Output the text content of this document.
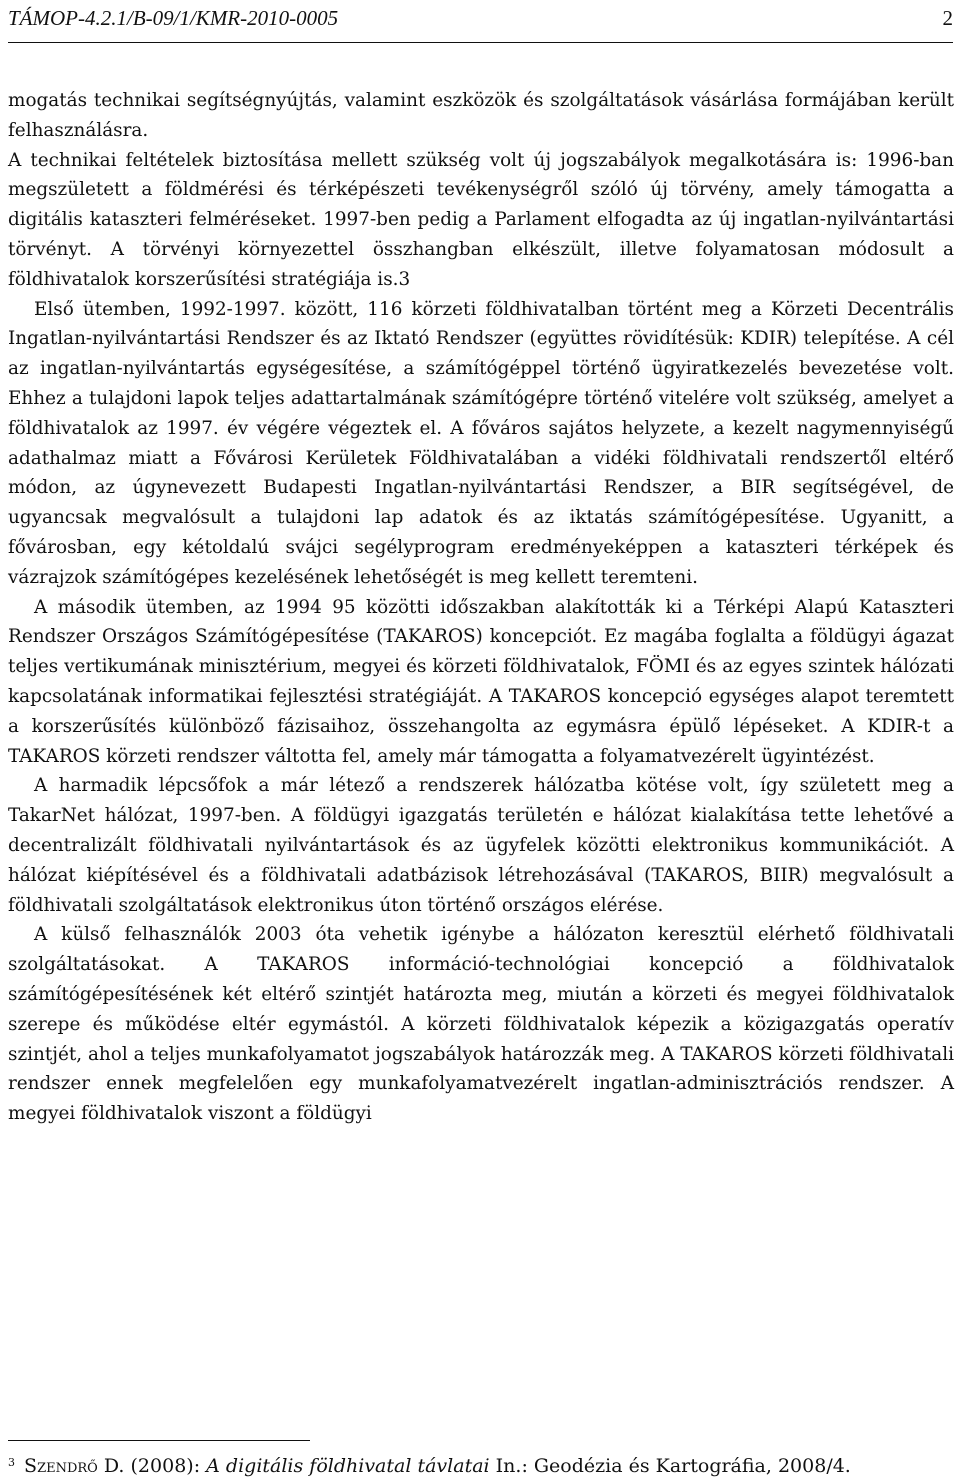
TÁMOP-4.2.1/B-09/1/KMR-2010-0005	2

mogatás technikai segítségnyújtás, valamint eszközök és szolgáltatások vásárlása formájában került felhasználásra.

A technikai feltételek biztosítása mellett szükség volt új jogszabályok megalkotására is: 1996-ban megszületett a földmérési és térképészeti tevékenységről szóló új törvény, amely támogatta a digitális kataszteri felméréseket. 1997-ben pedig a Parlament elfogadta az új ingatlan-nyilvántartási törvényt. A törvényi környezettel összhangban elkészült, illetve folyamatosan módosult a földhivatalok korszerűsítési stratégiája is.3

Első ütemben, 1992-1997. között, 116 körzeti földhivatalban történt meg a Körzeti Decentrális Ingatlan-nyilvántartási Rendszer és az Iktató Rendszer (együttes rövidítésük: KDIR) telepítése. A cél az ingatlan-nyilvántartás egységesítése, a számítógéppel történő ügyiratkezelés bevezetése volt. Ehhez a tulajdoni lapok teljes adattartalmának számítógépre történő vitelére volt szükség, amelyet a földhivatalok az 1997. év végére végeztek el. A főváros sajátos helyzete, a kezelt nagymennyiségű adathalmaz miatt a Fővárosi Kerületek Földhivatalában a vidéki földhivatali rendszertől eltérő módon, az úgynevezett Budapesti Ingatlan-nyilvántartási Rendszer, a BIR segítségével, de ugyancsak megvalósult a tulajdoni lap adatok és az iktatás számítógépesítése. Ugyanitt, a fővárosban, egy kétoldalú svájci segélyprogram eredményeképpen a kataszteri térképek és vázrajzok számítógépes kezelésének lehetőségét is meg kellett teremteni.

A második ütemben, az 1994 95 közötti időszakban alakították ki a Térképi Alapú Kataszteri Rendszer Országos Számítógépesítése (TAKAROS) koncepciót. Ez magába foglalta a földügyi ágazat teljes vertikumának minisztérium, megyei és körzeti földhivatalok, FÖMI és az egyes szintek hálózati kapcsolatának informatikai fejlesztési stratégiáját. A TAKAROS koncepció egységes alapot teremtett a korszerűsítés különböző fázisaihoz, összehangolta az egymásra épülő lépéseket. A KDIR-t a TAKAROS körzeti rendszer váltotta fel, amely már támogatta a folyamatvezérelt ügyintézést.

A harmadik lépcsőfok a már létező a rendszerek hálózatba kötése volt, így született meg a TakarNet hálózat, 1997-ben. A földügyi igazgatás területén e hálózat kialakítása tette lehetővé a decentralizált földhivatali nyilvántartások és az ügyfelek közötti elektronikus kommunikációt. A hálózat kiépítésével és a földhivatali adatbázisok létrehozásával (TAKAROS, BIIR) megvalósult a földhivatali szolgáltatások elektronikus úton történő országos elérése.

A külső felhasználók 2003 óta vehetik igénybe a hálózaton keresztül elérhető földhivatali szolgáltatásokat. A TAKAROS információ-technológiai koncepció a földhivatalok számítógépesítésének két eltérő szintjét határozta meg, miután a körzeti és megyei földhivatalok szerepe és működése eltér egymástól. A körzeti földhivatalok képezik a közigazgatás operatív szintjét, ahol a teljes munkafolyamatot jogszabályok határozzák meg. A TAKAROS körzeti földhivatali rendszer ennek megfelelően egy munkafolyamatvezérelt ingatlan-adminisztrációs rendszer. A megyei földhivatalok viszont a földügyi

$^3$ Szendrő D. (2008): A digitális földhivatal távlatai In.: Geodézia és Kartográfia, 2008/4.
